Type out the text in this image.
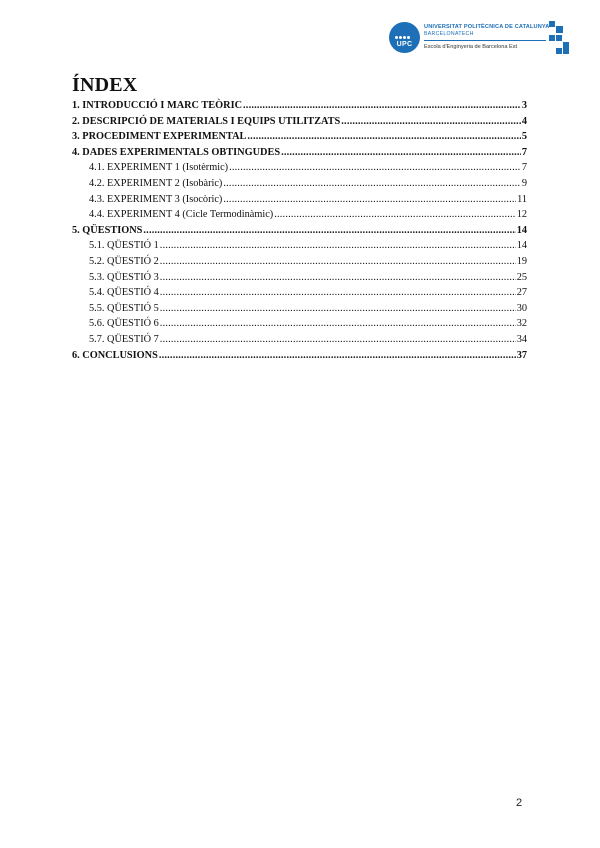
UPC
UNIVERSITAT POLITÈCNICA DE CATALUNYA
BARCELONATECH
Escola d'Enginyeria de Barcelona Est
ÍNDEX
1. INTRODUCCIÓ I MARC TEÒRIC .....	3
2. DESCRIPCIÓ DE MATERIALS I EQUIPS UTILITZATS .....	4
3. PROCEDIMENT EXPERIMENTAL .....	5
4. DADES EXPERIMENTALS OBTINGUDES .....	7
4.1. EXPERIMENT 1 (Isotèrmic) .....	7
4.2. EXPERIMENT 2 (Isobàric) .....	9
4.3. EXPERIMENT 3 (Isocòric) .....	11
4.4. EXPERIMENT 4 (Cicle Termodinàmic) .....	12
5. QÜESTIONS .....	14
5.1. QÜESTIÓ 1 .....	14
5.2. QÜESTIÓ 2 .....	19
5.3. QÜESTIÓ 3 .....	25
5.4. QÜESTIÓ 4 .....	27
5.5. QÜESTIÓ 5 .....	30
5.6. QÜESTIÓ 6 .....	32
5.7. QÜESTIÓ 7 .....	34
6. CONCLUSIONS .....	37
2
